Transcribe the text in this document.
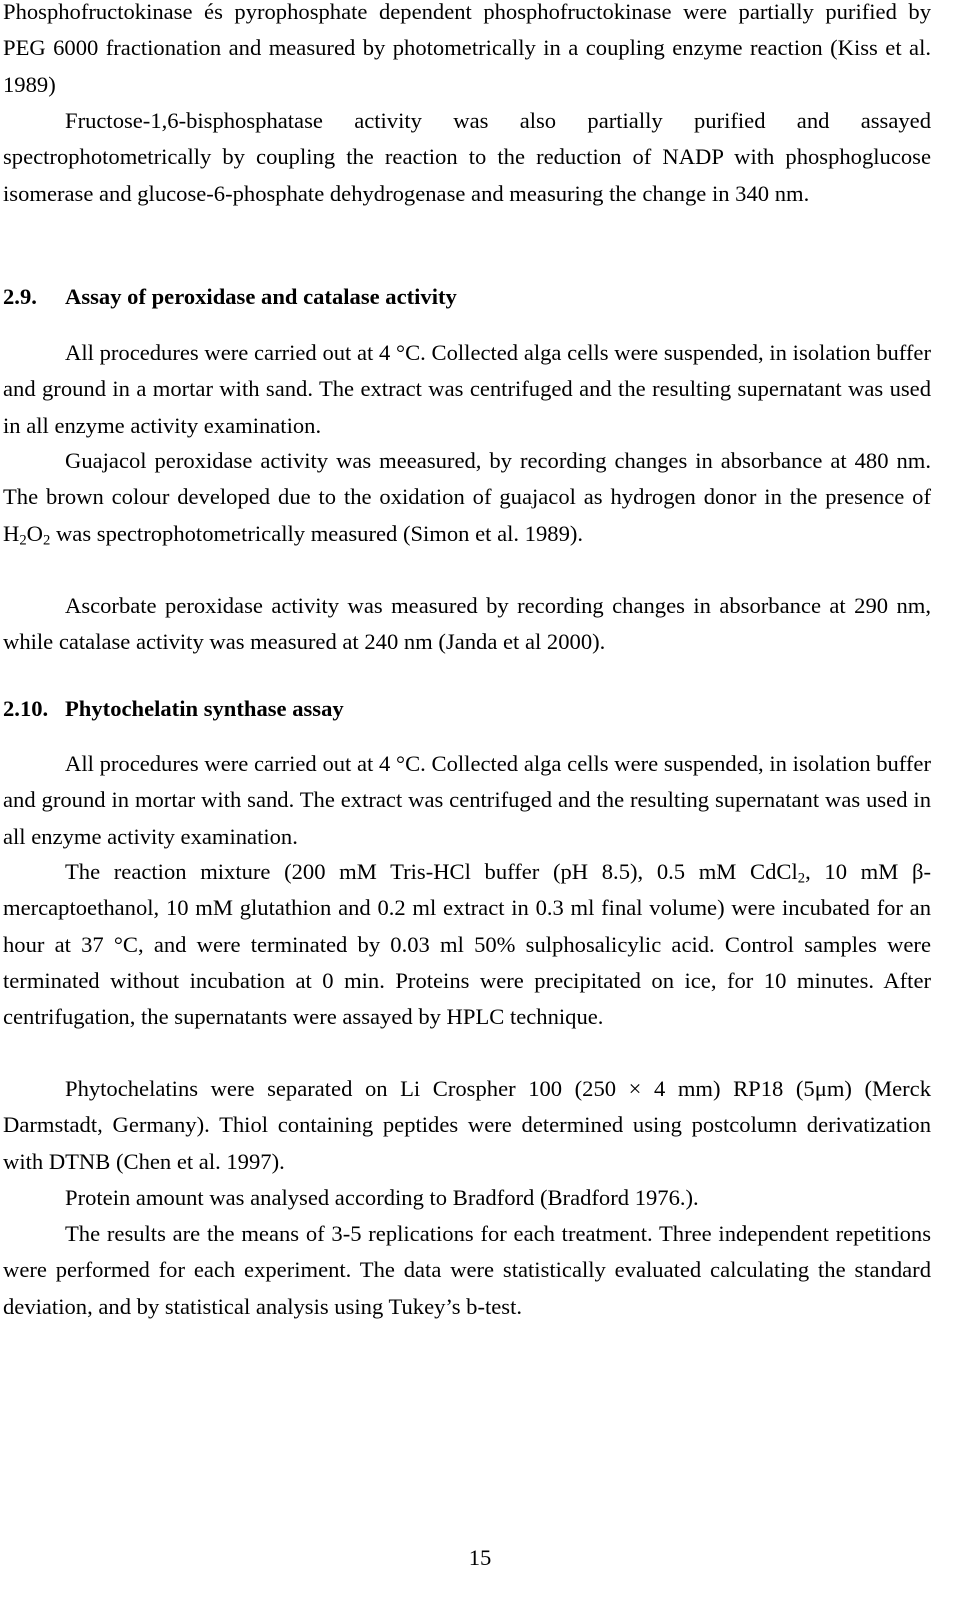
Phosphofructokinase és pyrophosphate dependent phosphofructokinase were partially purified by PEG 6000 fractionation and measured by photometrically in a coupling enzyme reaction (Kiss et al. 1989)

Fructose-1,6-bisphosphatase activity was also partially purified and assayed spectrophotometrically by coupling the reaction to the reduction of NADP with phosphoglucose isomerase and glucose-6-phosphate dehydrogenase and measuring the change in 340 nm.

2.9. Assay of peroxidase and catalase activity

All procedures were carried out at 4 °C. Collected alga cells were suspended, in isolation buffer and ground in a mortar with sand. The extract was centrifuged and the resulting supernatant was used in all enzyme activity examination.

Guajacol peroxidase activity was meeasured, by recording changes in absorbance at 480 nm. The brown colour developed due to the oxidation of guajacol as hydrogen donor in the presence of $H_2O_2$ was spectrophotometrically measured (Simon et al. 1989).

Ascorbate peroxidase activity was measured by recording changes in absorbance at 290 nm, while catalase activity was measured at 240 nm (Janda et al 2000).

2.10. Phytochelatin synthase assay

All procedures were carried out at 4 °C. Collected alga cells were suspended, in isolation buffer and ground in mortar with sand. The extract was centrifuged and the resulting supernatant was used in all enzyme activity examination.

The reaction mixture (200 mM Tris-HCl buffer (pH 8.5), 0.5 mM CdCl$_2$, 10 mM β-mercaptoethanol, 10 mM glutathion and 0.2 ml extract in 0.3 ml final volume) were incubated for an hour at 37 °C, and were terminated by 0.03 ml 50% sulphosalicylic acid. Control samples were terminated without incubation at 0 min. Proteins were precipitated on ice, for 10 minutes. After centrifugation, the supernatants were assayed by HPLC technique.

Phytochelatins were separated on Li Crospher 100 (250 × 4 mm) RP18 (5μm) (Merck Darmstadt, Germany). Thiol containing peptides were determined using postcolumn derivatization with DTNB (Chen et al. 1997).

Protein amount was analysed according to Bradford (Bradford 1976.).

The results are the means of 3-5 replications for each treatment. Three independent repetitions were performed for each experiment. The data were statistically evaluated calculating the standard deviation, and by statistical analysis using Tukey’s b-test.

15
